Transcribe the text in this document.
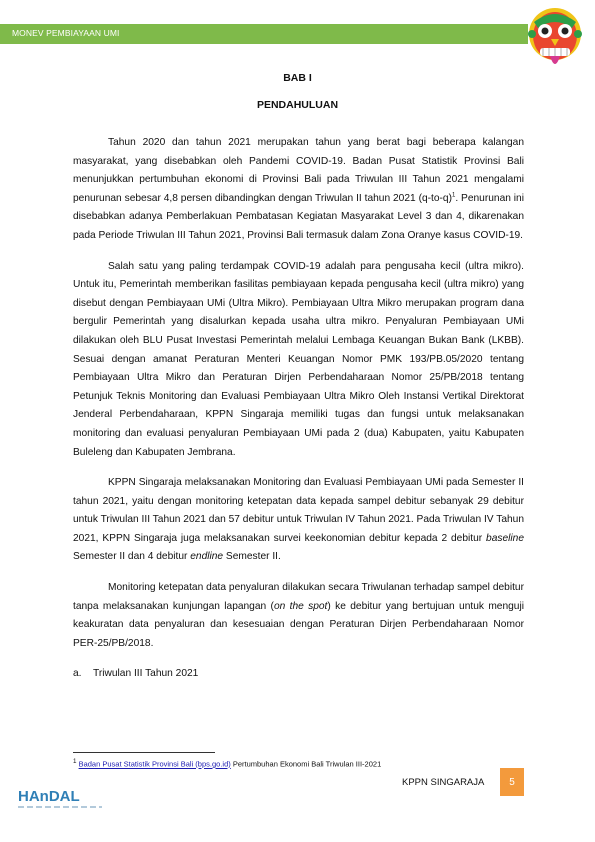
MONEV PEMBIAYAAN UMI
BAB I
PENDAHULUAN

Tahun 2020 dan tahun 2021 merupakan tahun yang berat bagi beberapa kalangan masyarakat, yang disebabkan oleh Pandemi COVID-19. Badan Pusat Statistik Provinsi Bali menunjukkan pertumbuhan ekonomi di Provinsi Bali pada Triwulan III Tahun 2021 mengalami penurunan sebesar 4,8 persen dibandingkan dengan Triwulan II tahun 2021 $(q-to-q)^1$. Penurunan ini disebabkan adanya Pemberlakuan Pembatasan Kegiatan Masyarakat Level 3 dan 4, dikarenakan pada Periode Triwulan III Tahun 2021, Provinsi Bali termasuk dalam Zona Oranye kasus COVID-19.

Salah satu yang paling terdampak COVID-19 adalah para pengusaha kecil (ultra mikro). Untuk itu, Pemerintah memberikan fasilitas pembiayaan kepada pengusaha kecil (ultra mikro) yang disebut dengan Pembiayaan UMi (Ultra Mikro). Pembiayaan Ultra Mikro merupakan program dana bergulir Pemerintah yang disalurkan kepada usaha ultra mikro. Penyaluran Pembiayaan UMi dilakukan oleh BLU Pusat Investasi Pemerintah melalui Lembaga Keuangan Bukan Bank (LKBB). Sesuai dengan amanat Peraturan Menteri Keuangan Nomor PMK 193/PB.05/2020 tentang Pembiayaan Ultra Mikro dan Peraturan Dirjen Perbendaharaan Nomor 25/PB/2018 tentang Petunjuk Teknis Monitoring dan Evaluasi Pembiayaan Ultra Mikro Oleh Instansi Vertikal Direktorat Jenderal Perbendaharaan, KPPN Singaraja memiliki tugas dan fungsi untuk melaksanakan monitoring dan evaluasi penyaluran Pembiayaan UMi pada 2 (dua) Kabupaten, yaitu Kabupaten Buleleng dan Kabupaten Jembrana.

KPPN Singaraja melaksanakan Monitoring dan Evaluasi Pembiayaan UMi pada Semester II tahun 2021, yaitu dengan monitoring ketepatan data kepada sampel debitur sebanyak 29 debitur untuk Triwulan III Tahun 2021 dan 57 debitur untuk Triwulan IV Tahun 2021. Pada Triwulan IV Tahun 2021, KPPN Singaraja juga melaksanakan survei keekonomian debitur kepada 2 debitur baseline Semester II dan 4 debitur endline Semester II.

Monitoring ketepatan data penyaluran dilakukan secara Triwulanan terhadap sampel debitur tanpa melaksanakan kunjungan lapangan (on the spot) ke debitur yang bertujuan untuk menguji keakuratan data penyaluran dan kesesuaian dengan Peraturan Dirjen Perbendaharaan Nomor PER-25/PB/2018.

a. Triwulan III Tahun 2021

$^1$ Badan Pusat Statistik Provinsi Bali (bps.go.id) Pertumbuhan Ekonomi Bali Triwulan III-2021
KPPN SINGARAJA 5
HAnDAL
